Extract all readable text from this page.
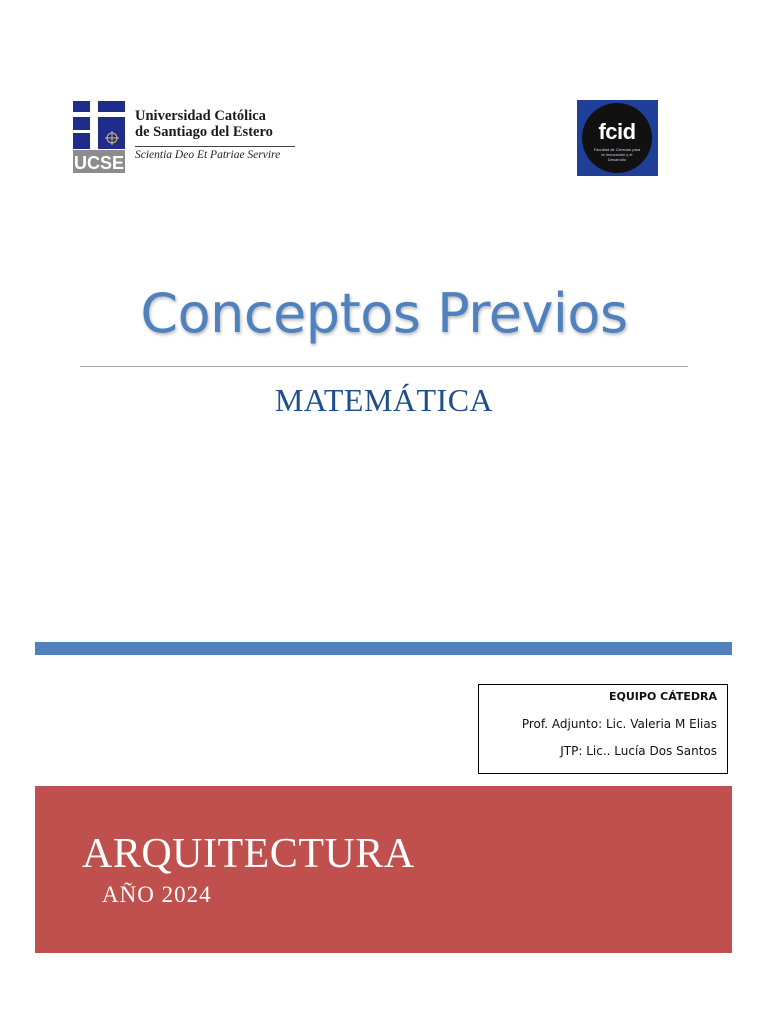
UCSE
Universidad Católica
de Santiago del Estero
Scientia Deo Et Patriae Servire
fcid
Facultad de Ciencias para la Innovación y el Desarrollo
Conceptos Previos
MATEMÁTICA
EQUIPO CÁTEDRA
Prof. Adjunto: Lic. Valeria M Elias
JTP: Lic.. Lucía Dos Santos
ARQUITECTURA
AÑO 2024
